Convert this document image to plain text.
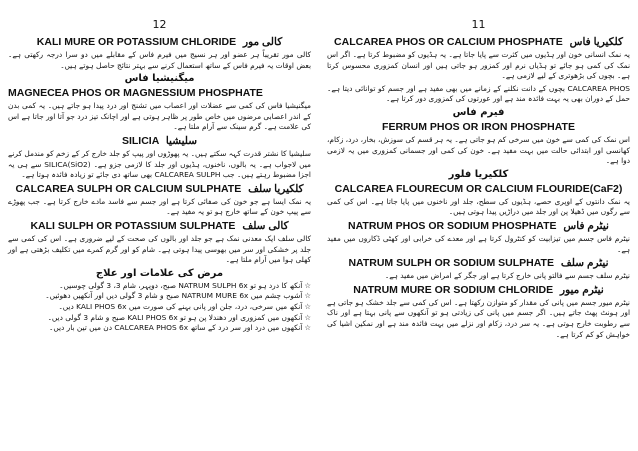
12
KALI MURE OR POTASSIUM CHLORIDE کالی مور

کالی مور تقریباً ہر عضو اور ہر نسیج میں فیرم فاس کے مقابلے میں دو سرا درجہ رکھتی ہے۔ بعض اوقات یہ فیرم فاس کے ساتھ استعمال کرنے سے بہتر نتائج حاصل ہوتے ہیں۔

میگنیشیا فاس
MAGNECEA PHOS OR MAGNESSIUM PHOSPHATE

میگنیشیا فاس کی کمی سے عضلات اور اعصاب میں تشنج اور درد پیدا ہو جاتے ہیں۔ یہ کمی بدن کے اندر اعصابی مرضوں میں خاص طور پر ظاہر ہوتی ہے اور اچانک تیز درد جو آتا اور جاتا ہے اس کی علامت ہے۔ گرم سینک سے آرام ملتا ہے۔

SILICIA سلیشیا

سلیشیا کا نشتر قدرت کہہ سکتے ہیں۔ یہ پھوڑوں اور پیپ کو جلد خارج کر کے زخم کو مندمل کرنے میں لاجواب ہے۔ یہ بالوں، ناخنوں، ہڈیوں اور جلد کا لازمی جزو ہے۔ SILICA(SiO2) سے ہی یہ اجزا مضبوط رہتے ہیں۔ جب CALCAREA SULPH بھی ساتھ دی جائے تو زیادہ فائدہ ہوتا ہے۔

CALCAREA SULPH OR CALCIUM SULPHATE کلکیریا سلف

یہ نمک ایسا ہے جو خون کی صفائی کرتا ہے اور جسم سے فاسد مادے خارج کرتا ہے۔ جب پھوڑے سے پیپ خون کے ساتھ خارج ہو تو یہ مفید ہے۔

KALI SULPH OR POTASSIUM SULPHATE کالی سلف

کالی سلف ایک معدنی نمک ہے جو جلد اور بالوں کی صحت کے لیے ضروری ہے۔ اس کی کمی سے جلد پر خشکی اور سر میں بھوسی پیدا ہوتی ہے۔ شام کو اور گرم کمرے میں تکلیف بڑھتی ہے اور کھلی ہوا میں آرام ملتا ہے۔

مرض کی علامات اور علاج

☆آنکھ کا درد ہو تو NATRUM SULPH 6x صبح، دوپہر، شام 3، 3 گولی چوسیں۔

☆آشوب چشم میں NATRUM MURE 6x صبح و شام 3 گولی دیں اور آنکھیں دھوئیں۔

☆آنکھ میں سرخی، درد، جلن اور پانی بہنے کی صورت میں KALI PHOS 6x دیں۔

☆آنکھوں میں کمزوری اور دھندلا پن ہو تو KALI PHOS 6x صبح و شام 3 گولی دیں۔

☆آنکھوں میں درد اور سر درد کے ساتھ CALCAREA PHOS 6x دن میں تین بار دیں۔

11
CALCAREA PHOS OR CALCIUM PHOSPHATE کلکیریا فاس

یہ نمک انسانی خون اور ہڈیوں میں کثرت سے پایا جاتا ہے۔ یہ ہڈیوں کو مضبوط کرتا ہے۔ اگر اس نمک کی کمی ہو جائے تو ہڈیاں نرم اور کمزور ہو جاتی ہیں اور انسان کمزوری محسوس کرتا ہے۔ بچوں کی بڑھوتری کے لیے لازمی ہے۔

CALCAREA PHOS بچوں کے دانت نکلنے کے زمانے میں بھی مفید ہے اور جسم کو توانائی دیتا ہے۔ حمل کے دوران بھی یہ بہت فائدہ مند ہے اور عورتوں کی کمزوری دور کرتا ہے۔

فیرم فاس
FERRUM PHOS OR IRON PHOSPHATE

اس نمک کی کمی سے خون میں سرخی کم ہو جاتی ہے۔ یہ ہر قسم کی سوزش، بخار، درد، زکام، کھانسی اور ابتدائی حالت میں بہت مفید ہے۔ خون کی کمی اور جسمانی کمزوری میں یہ لازمی دوا ہے۔

کلکیریا فلور
CALCAREA FLOURECUM OR CALCIUM FLOURIDE(CaF2)

یہ نمک دانتوں کے اوپری حصے، ہڈیوں کی سطح، جلد اور ناخنوں میں پایا جاتا ہے۔ اس کی کمی سے رگوں میں ڈھیلا پن اور جلد میں دراڑیں پیدا ہوتی ہیں۔

NATRUM PHOS OR SODIUM PHOSPHATE نیٹرم فاس

نیٹرم فاس جسم میں تیزابیت کو کنٹرول کرتا ہے اور معدے کی خرابی اور کھٹی ڈکاروں میں مفید ہے۔

NATRUM SULPH OR SODIUM SULPHATE نیٹرم سلف

نیٹرم سلف جسم سے فالتو پانی خارج کرتا ہے اور جگر کے امراض میں مفید ہے۔

NATRUM MURE OR SODIUM CHLORIDE نیٹرم میور

نیٹرم میور جسم میں پانی کی مقدار کو متوازن رکھتا ہے۔ اس کی کمی سے جلد خشک ہو جاتی ہے اور ہونٹ پھٹ جاتے ہیں۔ اگر جسم میں پانی کی زیادتی ہو تو آنکھوں سے پانی بہتا ہے اور ناک سے رطوبت خارج ہوتی ہے۔ یہ سر درد، زکام اور نزلے میں بہت فائدہ مند ہے اور نمکین اشیا کی خواہش کو کم کرتا ہے۔
